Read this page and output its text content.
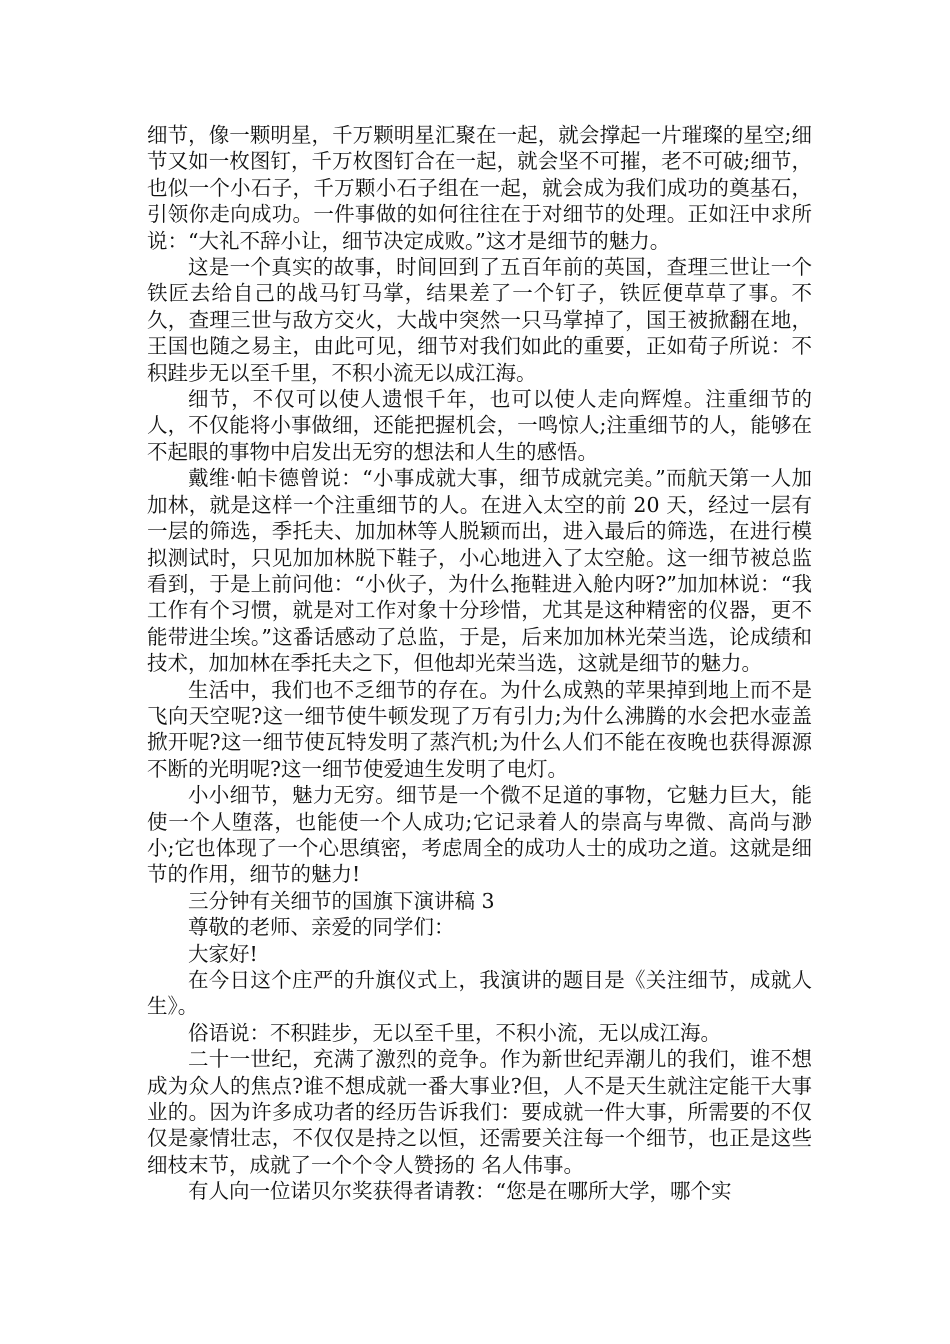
细节，像一颗明星，千万颗明星汇聚在一起，就会撑起一片璀璨的星空;细节又如一枚图钉，千万枚图钉合在一起，就会坚不可摧，老不可破;细节，也似一个小石子，千万颗小石子组在一起，就会成为我们成功的奠基石，引领你走向成功。一件事做的如何往往在于对细节的处理。正如汪中求所说：“大礼不辞小让，细节决定成败。”这才是细节的魅力。

这是一个真实的故事，时间回到了五百年前的英国，查理三世让一个铁匠去给自己的战马钉马掌，结果差了一个钉子，铁匠便草草了事。不久，查理三世与敌方交火，大战中突然一只马掌掉了，国王被掀翻在地，王国也随之易主，由此可见，细节对我们如此的重要，正如荀子所说：不积跬步无以至千里，不积小流无以成江海。

细节，不仅可以使人遗恨千年，也可以使人走向辉煌。注重细节的人，不仅能将小事做细，还能把握机会，一鸣惊人;注重细节的人，能够在不起眼的事物中启发出无穷的想法和人生的感悟。

戴维·帕卡德曾说：“小事成就大事，细节成就完美。”而航天第一人加加林，就是这样一个注重细节的人。在进入太空的前 20 天，经过一层有一层的筛选，季托夫、加加林等人脱颖而出，进入最后的筛选，在进行模拟测试时，只见加加林脱下鞋子，小心地进入了太空舱。这一细节被总监看到，于是上前问他：“小伙子，为什么拖鞋进入舱内呀?”加加林说：“我工作有个习惯，就是对工作对象十分珍惜，尤其是这种精密的仪器，更不能带进尘埃。”这番话感动了总监，于是，后来加加林光荣当选，论成绩和技术，加加林在季托夫之下，但他却光荣当选，这就是细节的魅力。

生活中，我们也不乏细节的存在。为什么成熟的苹果掉到地上而不是飞向天空呢?这一细节使牛顿发现了万有引力;为什么沸腾的水会把水壶盖掀开呢?这一细节使瓦特发明了蒸汽机;为什么人们不能在夜晚也获得源源不断的光明呢?这一细节使爱迪生发明了电灯。

小小细节，魅力无穷。细节是一个微不足道的事物，它魅力巨大，能使一个人堕落，也能使一个人成功;它记录着人的崇高与卑微、高尚与渺小;它也体现了一个心思缜密，考虑周全的成功人士的成功之道。这就是细节的作用，细节的魅力!

三分钟有关细节的国旗下演讲稿 3

尊敬的老师、亲爱的同学们：

大家好!

在今日这个庄严的升旗仪式上，我演讲的题目是《关注细节，成就人生》。

俗语说：不积跬步，无以至千里，不积小流，无以成江海。

二十一世纪，充满了激烈的竞争。作为新世纪弄潮儿的我们，谁不想成为众人的焦点?谁不想成就一番大事业?但，人不是天生就注定能干大事业的。因为许多成功者的经历告诉我们：要成就一件大事，所需要的不仅仅是豪情壮志，不仅仅是持之以恒，还需要关注每一个细节，也正是这些细枝末节，成就了一个个令人赞扬的 名人伟事。

有人向一位诺贝尔奖获得者请教：“您是在哪所大学，哪个实
